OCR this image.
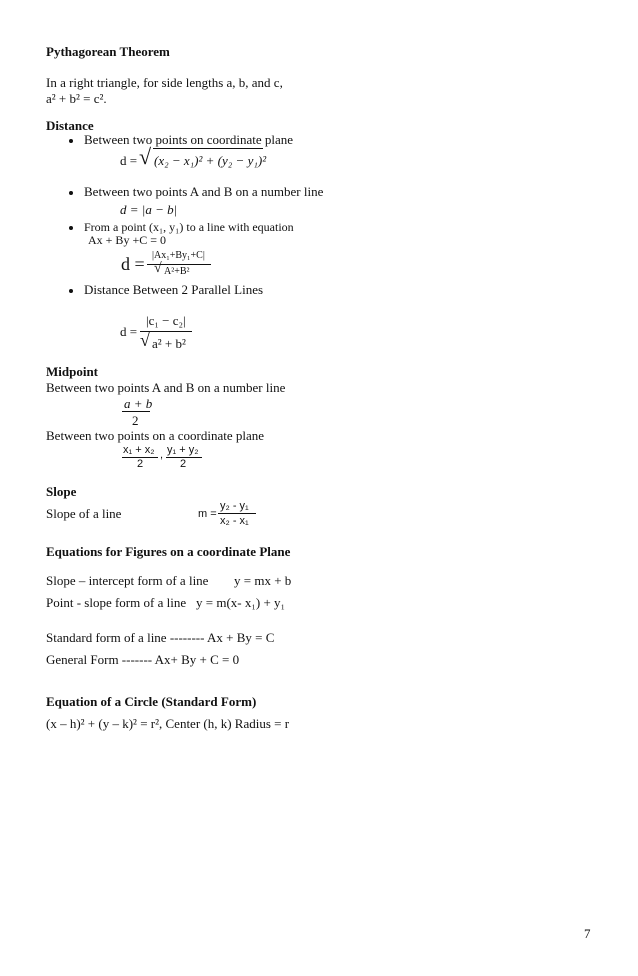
Pythagorean Theorem
In a right triangle, for side lengths a, b, and c,
a² + b² = c².
Distance
Between two points on coordinate plane
d = √ (x₂ − x₁)² + (y₂ − y₁)²
Between two points A and B on a number line
d = |a − b|
From a point (x₁, y₁) to a line with equation
Ax + By +C = 0
d = |Ax₁+By₁+C|
√ A²+B²
Distance Between 2 Parallel Lines
d =
|c₁ − c₂|
√ a² + b²
Midpoint
Between two points A and B on a number line
a + b
2
Between two points on a coordinate plane
x₁ + x₂
2
, y₁ + y₂
2
Slope
Slope of a line	m =
y₂ - y₁
x₂ - x₁
Equations for Figures on a coordinate Plane
Slope – intercept form of a line y = mx + b
Point - slope form of a line y = m(x- x₁) + y₁
Standard form of a line -------- Ax + By = C
General Form ------- Ax+ By + C = 0
Equation of a Circle (Standard Form)
(x – h)² + (y – k)² = r², Center (h, k) Radius = r
7
